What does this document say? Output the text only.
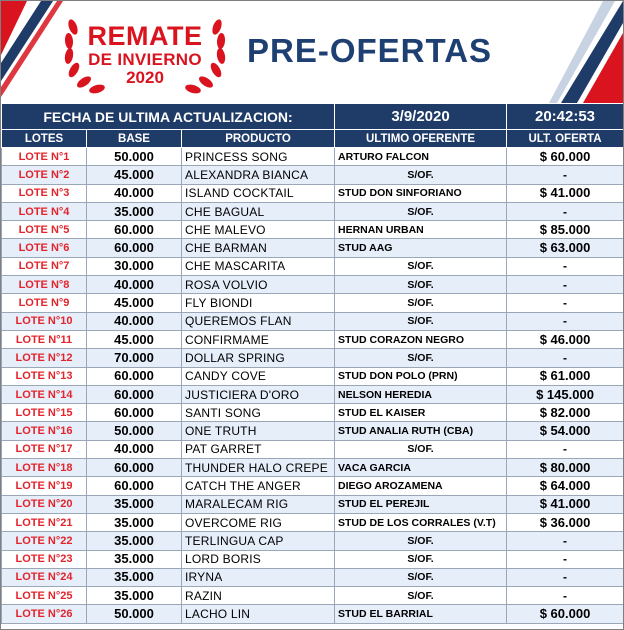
REMATE
DE INVIERNO
2020
PRE-OFERTAS
FECHA DE ULTIMA ACTUALIZACION:			3/9/2020	20:42:53
LOTES	BASE	PRODUCTO	ULTIMO OFERENTE	ULT. OFERTA
LOTE N°1	50.000	PRINCESS SONG	ARTURO FALCON	$ 60.000
LOTE N°2	45.000	ALEXANDRA BIANCA	S/OF.	-
LOTE N°3	40.000	ISLAND COCKTAIL	STUD DON SINFORIANO	$ 41.000
LOTE N°4	35.000	CHE BAGUAL	S/OF.	-
LOTE N°5	60.000	CHE MALEVO	HERNAN URBAN	$ 85.000
LOTE N°6	60.000	CHE BARMAN	STUD AAG	$ 63.000
LOTE N°7	30.000	CHE MASCARITA	S/OF.	-
LOTE N°8	40.000	ROSA VOLVIO	S/OF.	-
LOTE N°9	45.000	FLY BIONDI	S/OF.	-
LOTE N°10	40.000	QUEREMOS FLAN	S/OF.	-
LOTE N°11	45.000	CONFIRMAME	STUD CORAZON NEGRO	$ 46.000
LOTE N°12	70.000	DOLLAR SPRING	S/OF.	-
LOTE N°13	60.000	CANDY COVE	STUD DON POLO (PRN)	$ 61.000
LOTE N°14	60.000	JUSTICIERA D'ORO	NELSON HEREDIA	$ 145.000
LOTE N°15	60.000	SANTI SONG	STUD EL KAISER	$ 82.000
LOTE N°16	50.000	ONE TRUTH	STUD ANALIA RUTH (CBA)	$ 54.000
LOTE N°17	40.000	PAT GARRET	S/OF.	-
LOTE N°18	60.000	THUNDER HALO CREPE	VACA GARCIA	$ 80.000
LOTE N°19	60.000	CATCH THE ANGER	DIEGO AROZAMENA	$ 64.000
LOTE N°20	35.000	MARALECAM RIG	STUD EL PEREJIL	$ 41.000
LOTE N°21	35.000	OVERCOME RIG	STUD DE LOS CORRALES (V.T)	$ 36.000
LOTE N°22	35.000	TERLINGUA CAP	S/OF.	-
LOTE N°23	35.000	LORD BORIS	S/OF.	-
LOTE N°24	35.000	IRYNA	S/OF.	-
LOTE N°25	35.000	RAZIN	S/OF.	-
LOTE N°26	50.000	LACHO LIN	STUD EL BARRIAL	$ 60.000
